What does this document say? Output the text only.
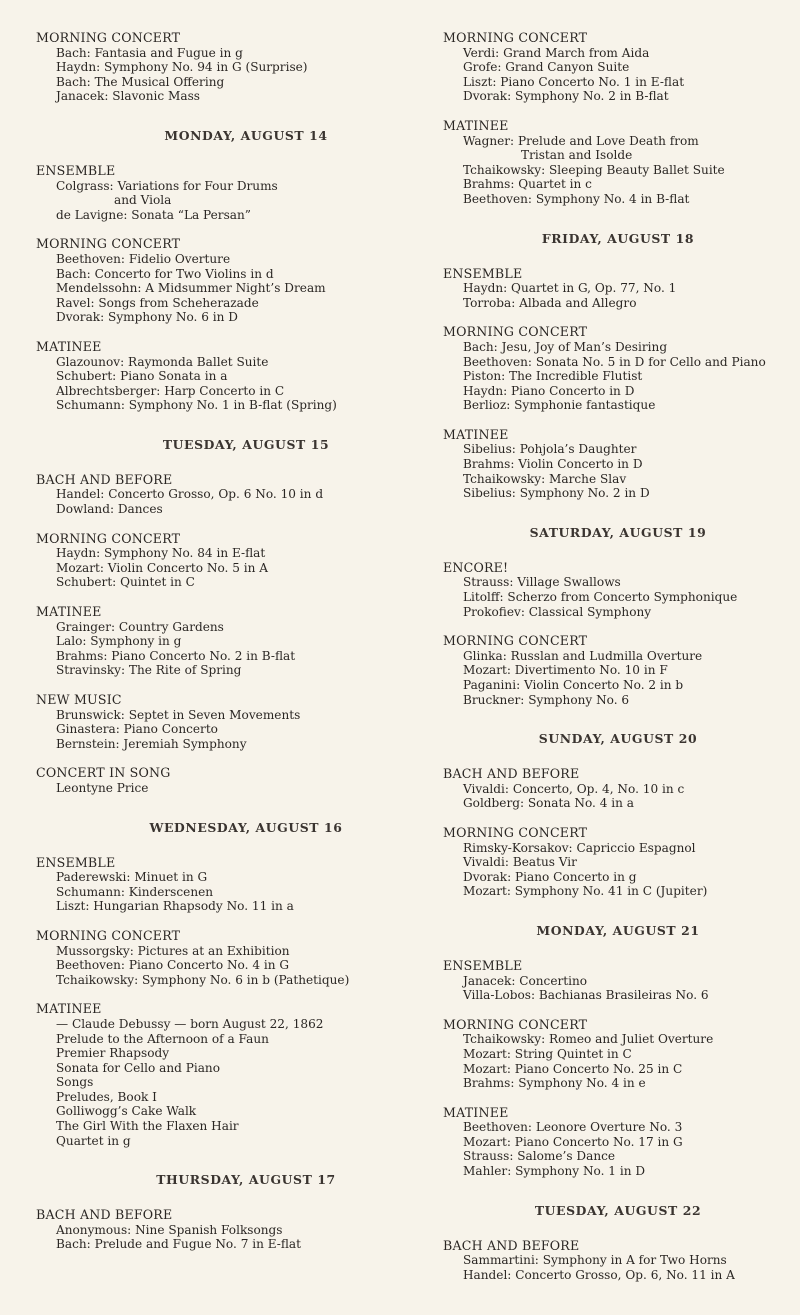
MORNING CONCERT
Bach: Fantasia and Fugue in g
Haydn: Symphony No. 94 in G (Surprise)
Bach: The Musical Offering
Janacek: Slavonic Mass
MONDAY, AUGUST 14
ENSEMBLE
Colgrass: Variations for Four Drums
and Viola
de Lavigne: Sonata “La Persan”
MORNING CONCERT
Beethoven: Fidelio Overture
Bach: Concerto for Two Violins in d
Mendelssohn: A Midsummer Night’s Dream
Ravel: Songs from Scheherazade
Dvorak: Symphony No. 6 in D
MATINEE
Glazounov: Raymonda Ballet Suite
Schubert: Piano Sonata in a
Albrechtsberger: Harp Concerto in C
Schumann: Symphony No. 1 in B-flat (Spring)
TUESDAY, AUGUST 15
BACH AND BEFORE
Handel: Concerto Grosso, Op. 6 No. 10 in d
Dowland: Dances
MORNING CONCERT
Haydn: Symphony No. 84 in E-flat
Mozart: Violin Concerto No. 5 in A
Schubert: Quintet in C
MATINEE
Grainger: Country Gardens
Lalo: Symphony in g
Brahms: Piano Concerto No. 2 in B-flat
Stravinsky: The Rite of Spring
NEW MUSIC
Brunswick: Septet in Seven Movements
Ginastera: Piano Concerto
Bernstein: Jeremiah Symphony
CONCERT IN SONG
Leontyne Price
WEDNESDAY, AUGUST 16
ENSEMBLE
Paderewski: Minuet in G
Schumann: Kinderscenen
Liszt: Hungarian Rhapsody No. 11 in a
MORNING CONCERT
Mussorgsky: Pictures at an Exhibition
Beethoven: Piano Concerto No. 4 in G
Tchaikowsky: Symphony No. 6 in b (Pathetique)
MATINEE
— Claude Debussy — born August 22, 1862
Prelude to the Afternoon of a Faun
Premier Rhapsody
Sonata for Cello and Piano
Songs
Preludes, Book I
Golliwogg’s Cake Walk
The Girl With the Flaxen Hair
Quartet in g
THURSDAY, AUGUST 17
BACH AND BEFORE
Anonymous: Nine Spanish Folksongs
Bach: Prelude and Fugue No. 7 in E-flat
MORNING CONCERT
Verdi: Grand March from Aida
Grofe: Grand Canyon Suite
Liszt: Piano Concerto No. 1 in E-flat
Dvorak: Symphony No. 2 in B-flat
MATINEE
Wagner: Prelude and Love Death from
Tristan and Isolde
Tchaikowsky: Sleeping Beauty Ballet Suite
Brahms: Quartet in c
Beethoven: Symphony No. 4 in B-flat
FRIDAY, AUGUST 18
ENSEMBLE
Haydn: Quartet in G, Op. 77, No. 1
Torroba: Albada and Allegro
MORNING CONCERT
Bach: Jesu, Joy of Man’s Desiring
Beethoven: Sonata No. 5 in D for Cello and Piano
Piston: The Incredible Flutist
Haydn: Piano Concerto in D
Berlioz: Symphonie fantastique
MATINEE
Sibelius: Pohjola’s Daughter
Brahms: Violin Concerto in D
Tchaikowsky: Marche Slav
Sibelius: Symphony No. 2 in D
SATURDAY, AUGUST 19
ENCORE!
Strauss: Village Swallows
Litolff: Scherzo from Concerto Symphonique
Prokofiev: Classical Symphony
MORNING CONCERT
Glinka: Russlan and Ludmilla Overture
Mozart: Divertimento No. 10 in F
Paganini: Violin Concerto No. 2 in b
Bruckner: Symphony No. 6
SUNDAY, AUGUST 20
BACH AND BEFORE
Vivaldi: Concerto, Op. 4, No. 10 in c
Goldberg: Sonata No. 4 in a
MORNING CONCERT
Rimsky-Korsakov: Capriccio Espagnol
Vivaldi: Beatus Vir
Dvorak: Piano Concerto in g
Mozart: Symphony No. 41 in C (Jupiter)
MONDAY, AUGUST 21
ENSEMBLE
Janacek: Concertino
Villa-Lobos: Bachianas Brasileiras No. 6
MORNING CONCERT
Tchaikowsky: Romeo and Juliet Overture
Mozart: String Quintet in C
Mozart: Piano Concerto No. 25 in C
Brahms: Symphony No. 4 in e
MATINEE
Beethoven: Leonore Overture No. 3
Mozart: Piano Concerto No. 17 in G
Strauss: Salome’s Dance
Mahler: Symphony No. 1 in D
TUESDAY, AUGUST 22
BACH AND BEFORE
Sammartini: Symphony in A for Two Horns
Handel: Concerto Grosso, Op. 6, No. 11 in A
